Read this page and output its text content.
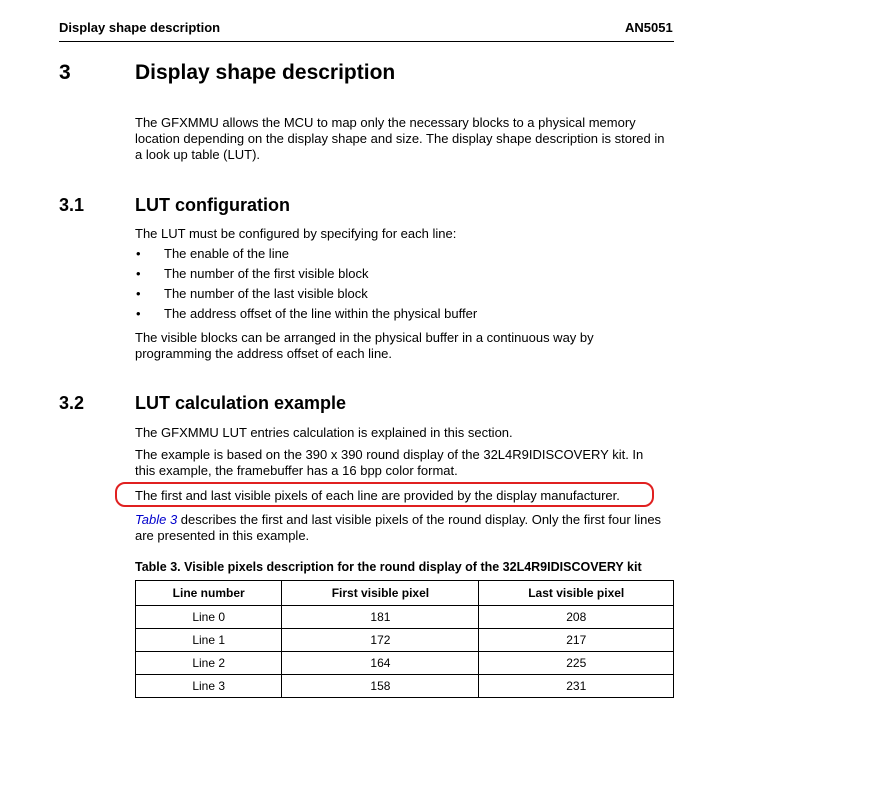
Display shape description	AN5051
3	Display shape description
The GFXMMU allows the MCU to map only the necessary blocks to a physical memory
location depending on the display shape and size. The display shape description is stored in
a look up table (LUT).
3.1	LUT configuration
The LUT must be configured by specifying for each line:
• The enable of the line
• The number of the first visible block
• The number of the last visible block
• The address offset of the line within the physical buffer
The visible blocks can be arranged in the physical buffer in a continuous way by
programming the address offset of each line.
3.2	LUT calculation example
The GFXMMU LUT entries calculation is explained in this section.
The example is based on the 390 x 390 round display of the 32L4R9IDISCOVERY kit. In
this example, the framebuffer has a 16 bpp color format.
The first and last visible pixels of each line are provided by the display manufacturer.
Table 3 describes the first and last visible pixels of the round display. Only the first four lines
are presented in this example.
Table 3. Visible pixels description for the round display of the 32L4R9IDISCOVERY kit
Line number	First visible pixel	Last visible pixel
Line 0	181	208
Line 1	172	217
Line 2	164	225
Line 3	158	231
